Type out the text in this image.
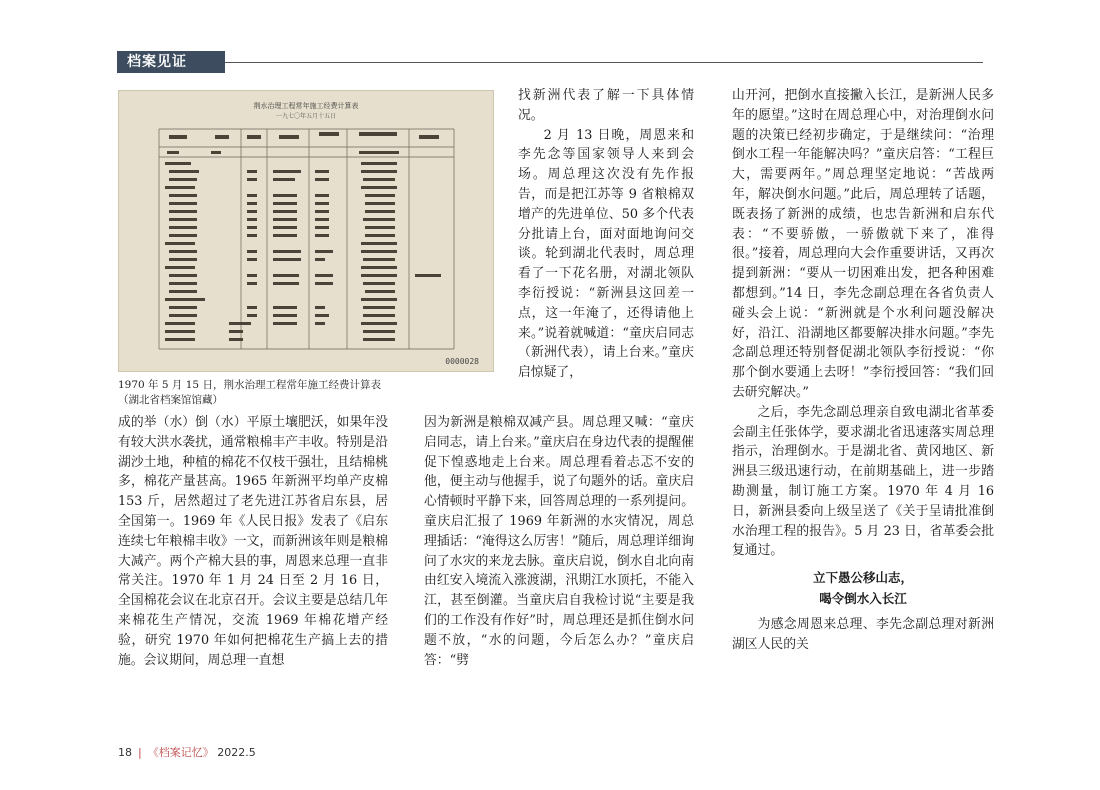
档案见证
荆水治理工程常年施工经费计算表
一九七〇年五月十五日
0000028
1970 年 5 月 15 日，荆水治理工程常年施工经费计算表
（湖北省档案馆馆藏）

找新洲代表了解一下具体情况。

2 月 13 日晚，周恩来和李先念等国家领导人来到会场。周总理这次没有先作报告，而是把江苏等 9 省粮棉双增产的先进单位、50 多个代表分批请上台，面对面地询问交谈。轮到湖北代表时，周总理看了一下花名册，对湖北领队李衍授说：“新洲县这回差一点，这一年淹了，还得请他上来。”说着就喊道：“童庆启同志（新洲代表），请上台来。”童庆启惊疑了，

成的举（水）倒（水）平原土壤肥沃，如果年没有较大洪水袭扰，通常粮棉丰产丰收。特别是沿湖沙土地，种植的棉花不仅枝干强壮，且结棉桃多，棉花产量甚高。1965 年新洲平均单产皮棉 153 斤，居然超过了老先进江苏省启东县，居全国第一。1969 年《人民日报》发表了《启东连续七年粮棉丰收》一文，而新洲该年则是粮棉大减产。两个产棉大县的事，周恩来总理一直非常关注。1970 年 1 月 24 日至 2 月 16 日，全国棉花会议在北京召开。会议主要是总结几年来棉花生产情况，交流 1969 年棉花增产经验，研究 1970 年如何把棉花生产搞上去的措施。会议期间，周总理一直想

因为新洲是粮棉双减产县。周总理又喊：“童庆启同志，请上台来。”童庆启在身边代表的提醒催促下惶惑地走上台来。周总理看着忐忑不安的他，便主动与他握手，说了句题外的话。童庆启心情顿时平静下来，回答周总理的一系列提问。童庆启汇报了 1969 年新洲的水灾情况，周总理插话：“淹得这么厉害！”随后，周总理详细询问了水灾的来龙去脉。童庆启说，倒水自北向南由红安入境流入涨渡湖，汛期江水顶托，不能入江，甚至倒灌。当童庆启自我检讨说“主要是我们的工作没有作好”时，周总理还是抓住倒水问题不放，“水的问题，今后怎么办？”童庆启答：“劈

山开河，把倒水直接撇入长江，是新洲人民多年的愿望。”这时在周总理心中，对治理倒水问题的决策已经初步确定，于是继续问：“治理倒水工程一年能解决吗？”童庆启答：“工程巨大，需要两年。”周总理坚定地说：“苦战两年，解决倒水问题。”此后，周总理转了话题，既表扬了新洲的成绩，也忠告新洲和启东代表：“不要骄傲，一骄傲就下来了，准得很。”接着，周总理向大会作重要讲话，又再次提到新洲：“要从一切困难出发，把各种困难都想到。”14 日，李先念副总理在各省负责人碰头会上说：“新洲就是个水利问题没解决好，沿江、沿湖地区都要解决排水问题。”李先念副总理还特别督促湖北领队李衍授说：“你那个倒水要通上去呀！”李衍授回答：“我们回去研究解决。”

之后，李先念副总理亲自致电湖北省革委会副主任张体学，要求湖北省迅速落实周总理指示，治理倒水。于是湖北省、黄冈地区、新洲县三级迅速行动，在前期基础上，进一步踏勘测量，制订施工方案。1970 年 4 月 16 日，新洲县委向上级呈送了《关于呈请批准倒水治理工程的报告》。5 月 23 日，省革委会批复通过。

立下愚公移山志，

喝令倒水入长江

为感念周恩来总理、李先念副总理对新洲湖区人民的关

18 | 《档案记忆》 2022.5
